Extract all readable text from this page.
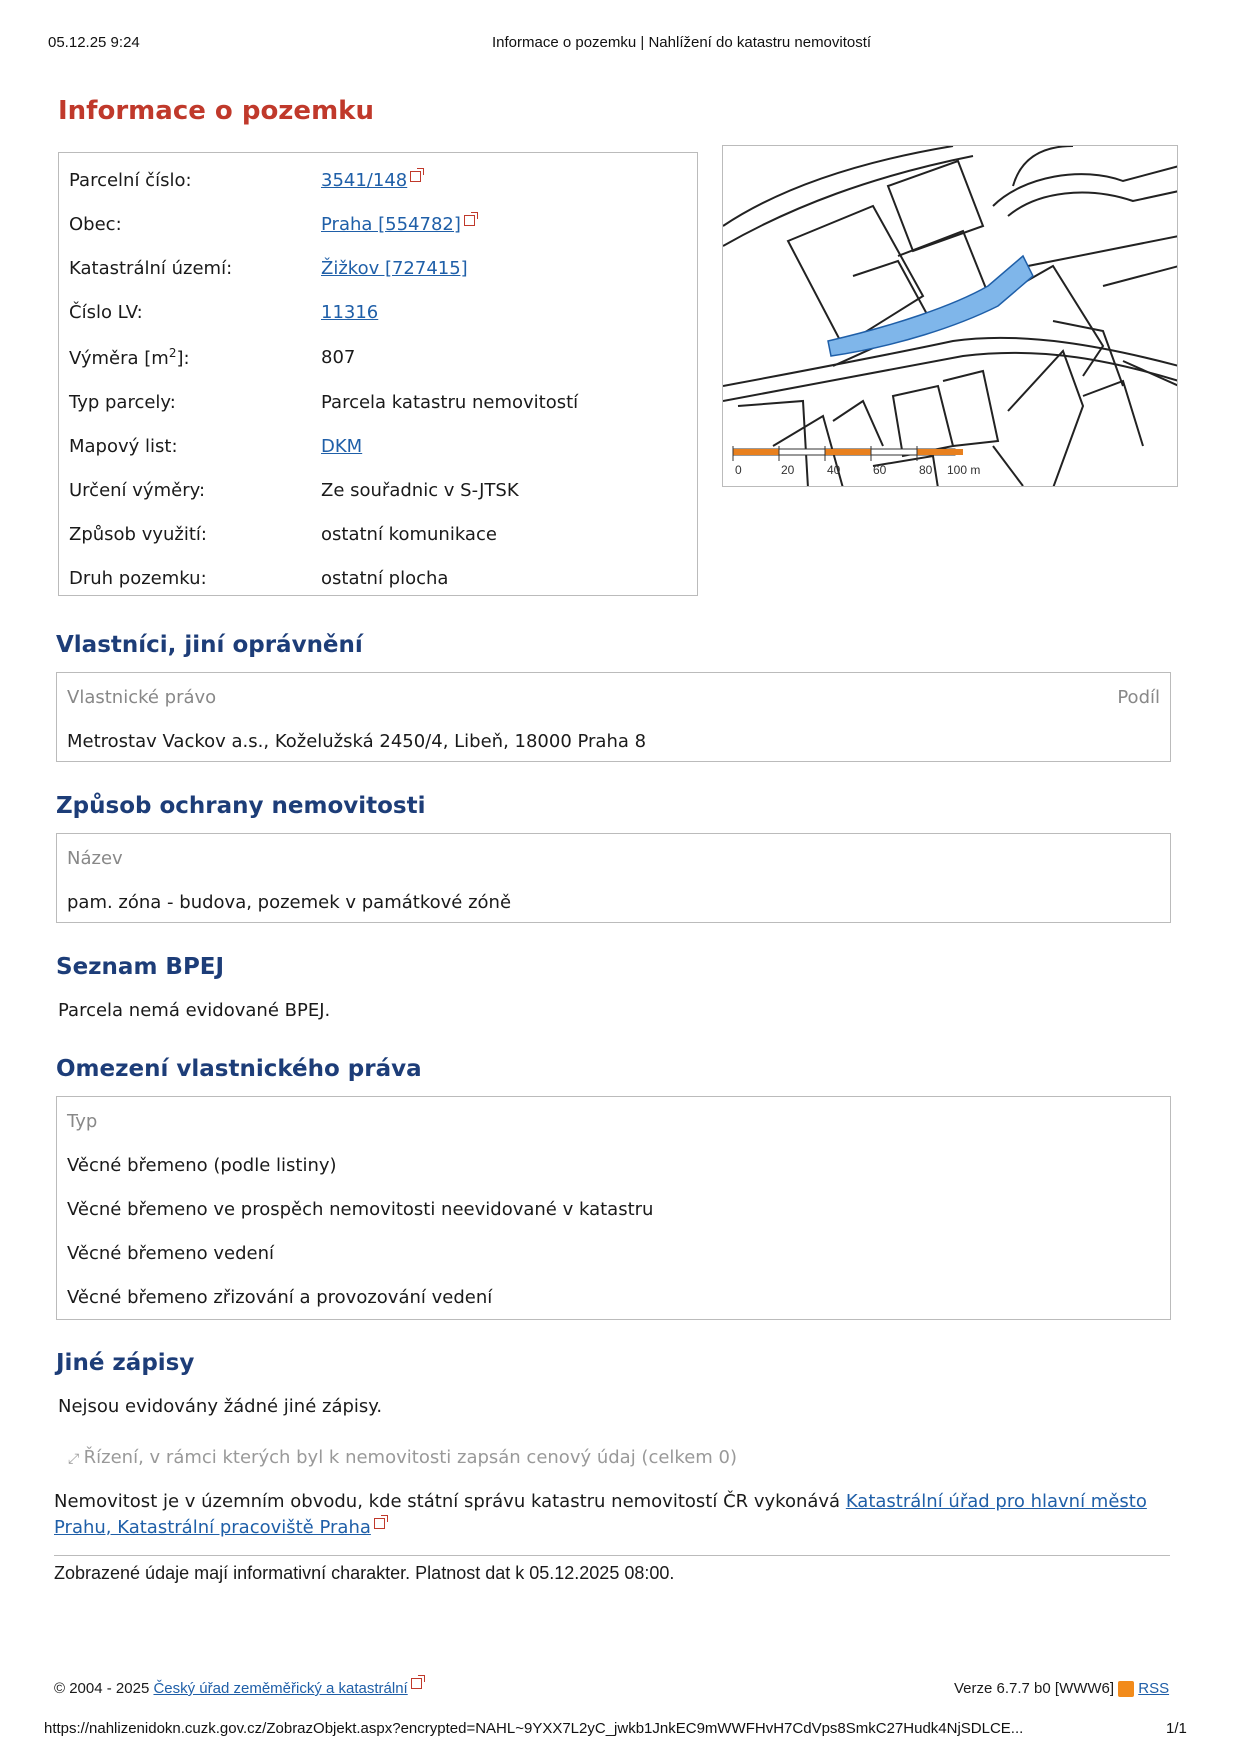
05.12.25 9:24	Informace o pozemku | Nahlížení do katastru nemovitostí
Informace o pozemku
Parcelní číslo:	3541/148
Obec:	Praha [554782]
Katastrální území:	Žižkov [727415]
Číslo LV:	11316
Výměra $[m^2]$:	807
Typ parcely:	Parcela katastru nemovitostí
Mapový list:	DKM
Určení výměry:	Ze souřadnic v S-JTSK
Způsob využití:	ostatní komunikace
Druh pozemku:	ostatní plocha
0	20	40	60	80 100 m
Vlastníci, jiní oprávnění
Vlastnické právo	Podíl
Metrostav Vackov a.s., Koželužská 2450/4, Libeň, 18000 Praha 8
Způsob ochrany nemovitosti
Název
pam. zóna - budova, pozemek v památkové zóně
Seznam BPEJ
Parcela nemá evidované BPEJ.
Omezení vlastnického práva
Typ
Věcné břemeno (podle listiny)
Věcné břemeno ve prospěch nemovitosti neevidované v katastru
Věcné břemeno vedení
Věcné břemeno zřizování a provozování vedení
Jiné zápisy
Nejsou evidovány žádné jiné zápisy.
⤢ Řízení, v rámci kterých byl k nemovitosti zapsán cenový údaj (celkem 0)
Nemovitost je v územním obvodu, kde státní správu katastru nemovitostí ČR vykonává Katastrální úřad pro hlavní město
Prahu, Katastrální pracoviště Praha
Zobrazené údaje mají informativní charakter. Platnost dat k 05.12.2025 08:00.
© 2004 - 2025 Český úřad zeměměřický a katastrální	Verze 6.7.7 b0 [WWW6] RSS
https://nahlizenidokn.cuzk.gov.cz/ZobrazObjekt.aspx?encrypted=NAHL~9YXX7L2yC_jwkb1JnkEC9mWWFHvH7CdVps8SmkC27Hudk4NjSDLCE...	1/1
